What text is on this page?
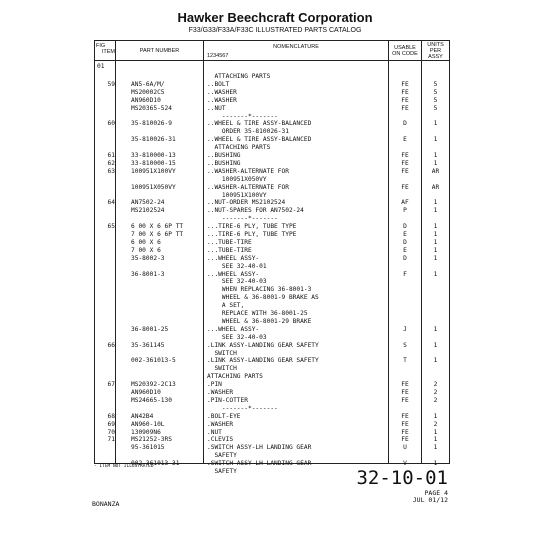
Hawker Beechcraft Corporation
F33/G33/F33A/F33C ILLUSTRATED PARTS CATALOG
FIG
ITEM	PART NUMBER
NOMENCLATURE
1234567
USABLE
ON CODE
UNITS
PER
ASSY
01
ATTACHING PARTS
59	AN5-6A/M/	..BOLT	FE	5
MS20002C5	..WASHER	FE	5
AN960D10	..WASHER	FE	5
MS20365-524	..NUT	FE	5
-------*-------
60	35-810026-9	..WHEEL & TIRE ASSY-BALANCED	D	1
ORDER 35-810026-31
35-810026-31	..WHEEL & TIRE ASSY-BALANCED	E	1
ATTACHING PARTS
61	33-810000-13	..BUSHING	FE	1
62	33-810000-15	..BUSHING	FE	1
63	100951X100VY	..WASHER-ALTERNATE FOR	FE	AR
100951X050VY
100951X050VY	..WASHER-ALTERNATE FOR	FE	AR
100951X100VY
64	AN7502-24	..NUT-ORDER MS2102524	AF	1
MS2102524	..NUT-SPARES FOR AN7502-24	P	1
-------*-------
65	6 00 X 6 6P TT	...TIRE-6 PLY, TUBE TYPE	D	1
7 00 X 6 6P TT	...TIRE-6 PLY, TUBE TYPE	E	1
6 00 X 6	...TUBE-TIRE	D	1
7 00 X 6	...TUBE-TIRE	E	1
35-8002-3	...WHEEL ASSY-	D	1
SEE 32-40-01
36-8001-3	...WHEEL ASSY-	F	1
SEE 32-40-03
WHEN REPLACING 36-8001-3
WHEEL & 36-8001-9 BRAKE AS
A SET,
REPLACE WITH 36-8001-25
WHEEL & 36-8001-29 BRAKE
36-8001-25	...WHEEL ASSY-	J	1
SEE 32-40-03
66	35-361145	.LINK ASSY-LANDING GEAR SAFETY	S	1
SWITCH
002-361013-5	.LINK ASSY-LANDING GEAR SAFETY	T	1
SWITCH
ATTACHING PARTS
67	MS20392-2C13	.PIN	FE	2
AN960D10	.WASHER	FE	2
MS24665-130	.PIN-COTTER	FE	2
-------*-------
68	AN42B4	.BOLT-EYE	FE	1
69	AN960-10L	.WASHER	FE	2
70	130909N6	.NUT	FE	1
71	MS21252-3RS	.CLEVIS	FE	1
95-361015	.SWITCH ASSY-LH LANDING GEAR	U	1
SAFETY
002-361013-31	.SWITCH ASSY-LH LANDING GEAR	V	1
SAFETY
- ITEM NOT ILLUSTRATED
32-10-01
PAGE 4
JUL 01/12
BONANZA
